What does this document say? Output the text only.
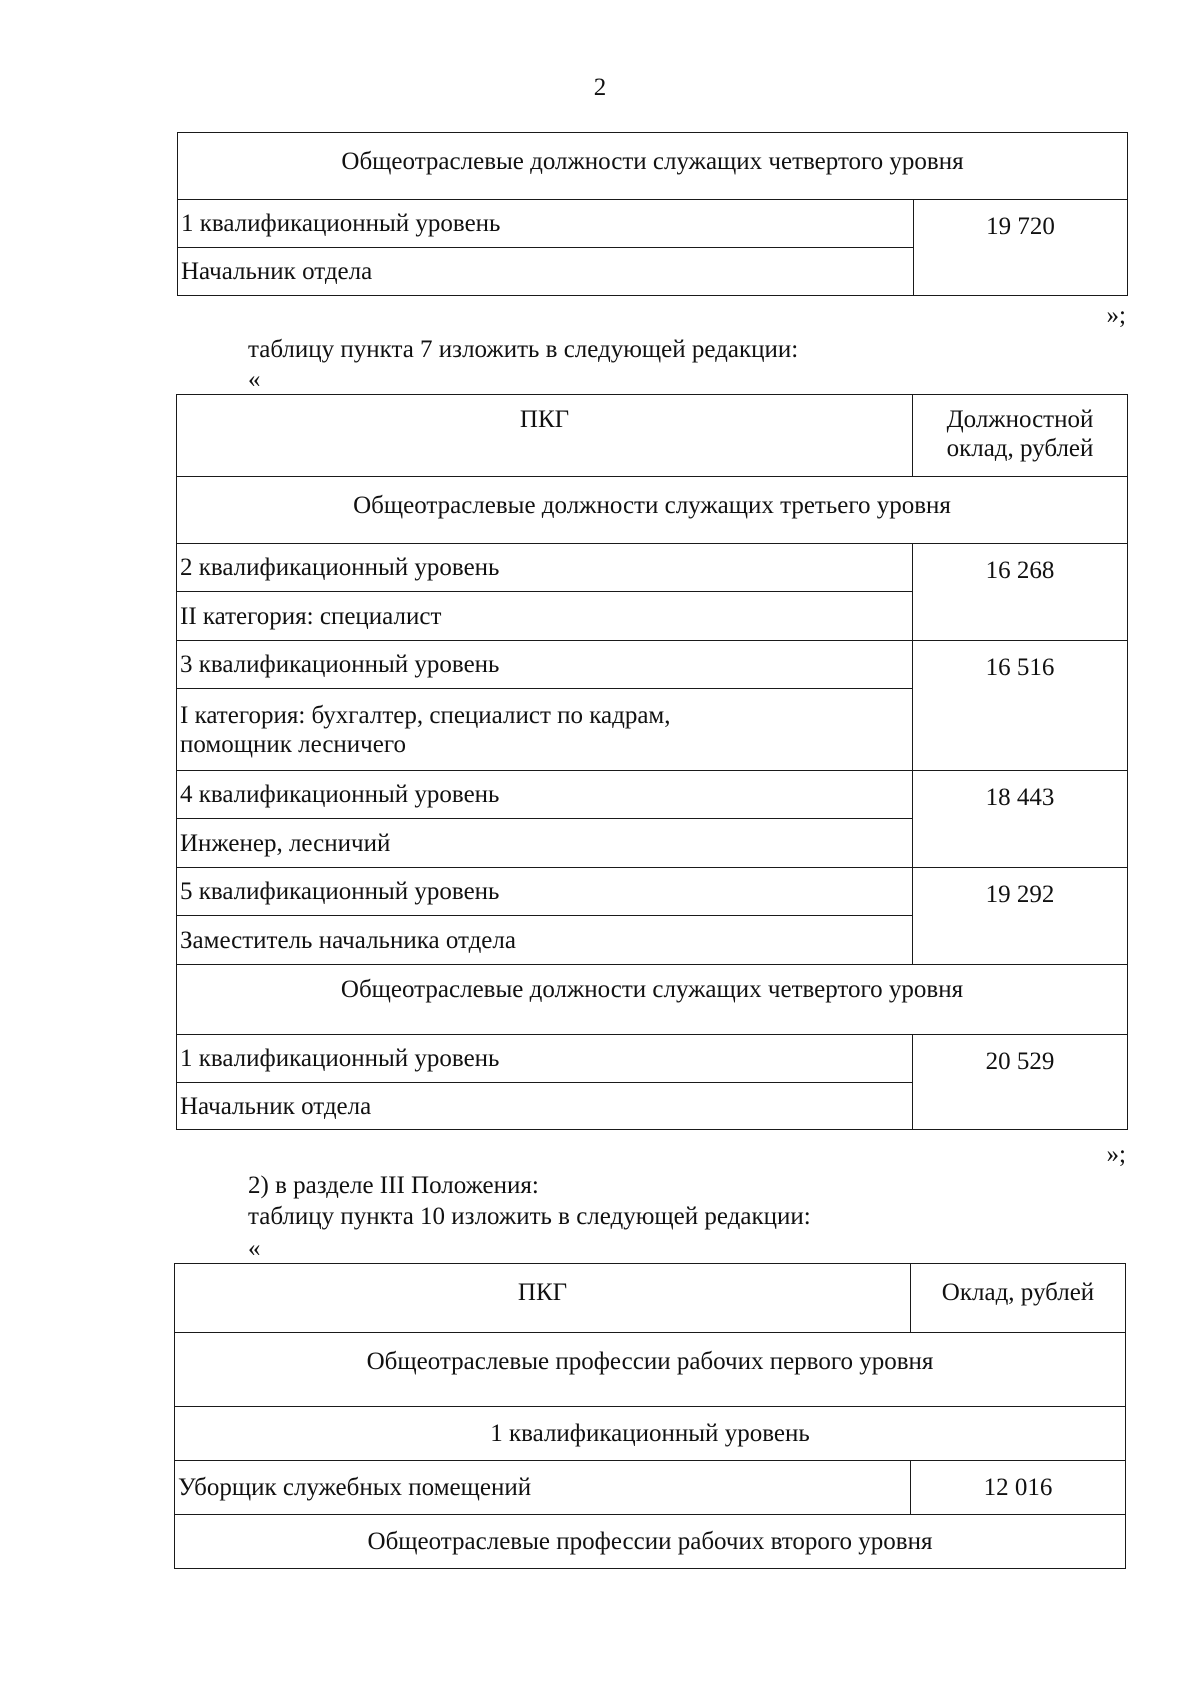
2
Общеотраслевые должности служащих четвертого уровня
1 квалификационный уровень	19 720
Начальник отдела
»;
таблицу пункта 7 изложить в следующей редакции:
«
ПКГ	Должностной
оклад, рублей

Общеотраслевые должности служащих третьего уровня	
2 квалификационный уровень	16 268
II категория: специалист	
3 квалификационный уровень	16 516

I категория: бухгалтер, специалист по кадрам,
помощник лесничего	

4 квалификационный уровень	18 443
Инженер, лесничий	
5 квалификационный уровень	19 292
Заместитель начальника отдела	
Общеотраслевые должности служащих четвертого уровня	
1 квалификационный уровень	20 529
Начальник отдела	
»;
2) в разделе III Положения:
таблицу пункта 10 изложить в следующей редакции:
«
ПКГ	Оклад, рублей
Общеотраслевые профессии рабочих первого уровня	
1 квалификационный уровень	
Уборщик служебных помещений	12 016
Общеотраслевые профессии рабочих второго уровня	
